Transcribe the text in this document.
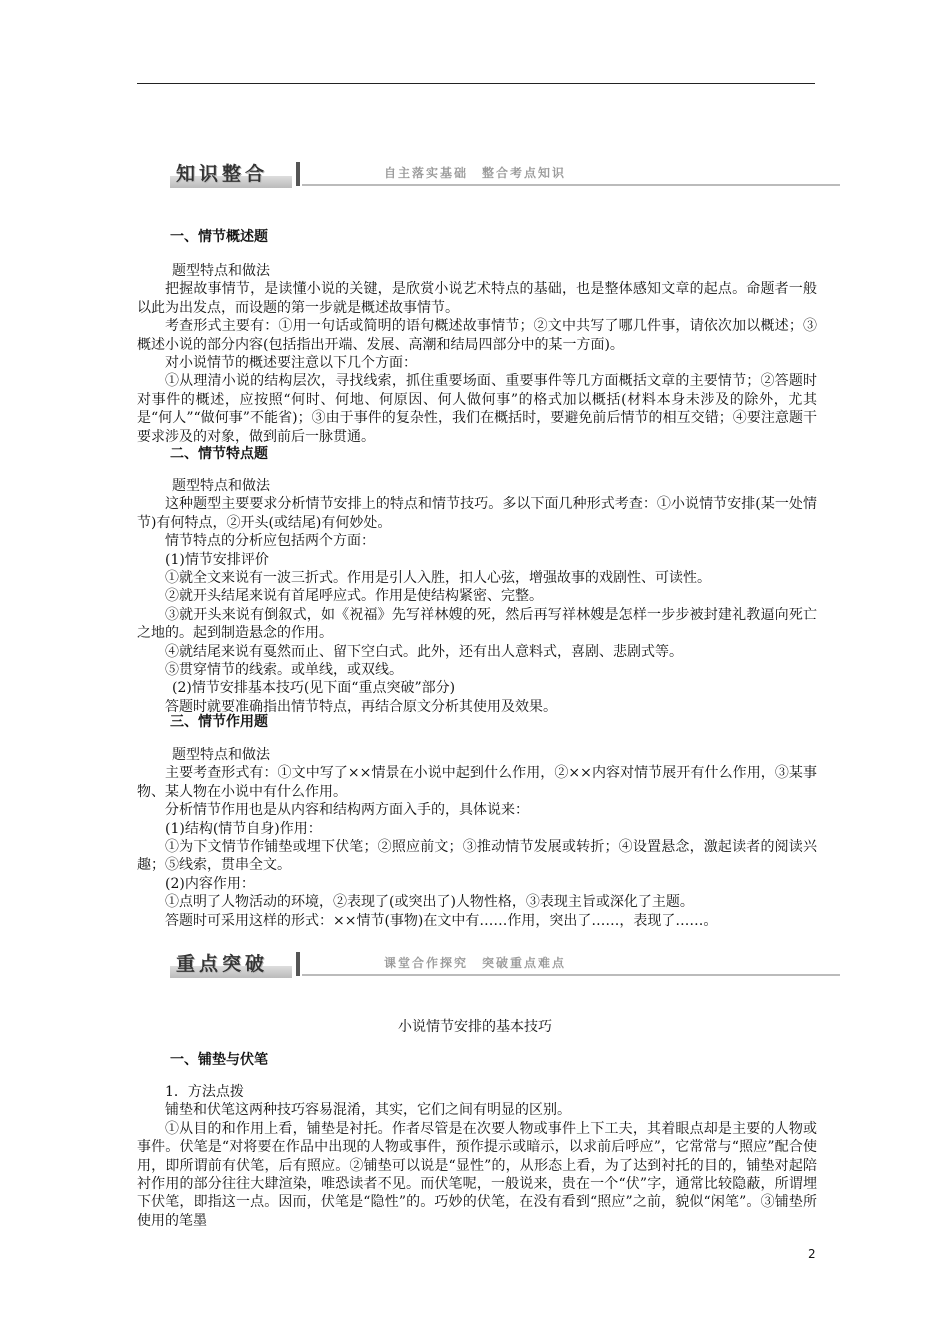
知识整合	自主落实基础　整合考点知识
一、情节概述题

题型特点和做法

把握故事情节，是读懂小说的关键，是欣赏小说艺术特点的基础，也是整体感知文章的起点。命题者一般以此为出发点，而设题的第一步就是概述故事情节。

考查形式主要有：①用一句话或简明的语句概述故事情节；②文中共写了哪几件事，请依次加以概述；③概述小说的部分内容(包括指出开端、发展、高潮和结局四部分中的某一方面)。

对小说情节的概述要注意以下几个方面：

①从理清小说的结构层次，寻找线索，抓住重要场面、重要事件等几方面概括文章的主要情节；②答题时对事件的概述，应按照“何时、何地、何原因、何人做何事”的格式加以概括(材料本身未涉及的除外，尤其是“何人”“做何事”不能省)；③由于事件的复杂性，我们在概括时，要避免前后情节的相互交错；④要注意题干要求涉及的对象，做到前后一脉贯通。

二、情节特点题

题型特点和做法

这种题型主要要求分析情节安排上的特点和情节技巧。多以下面几种形式考查：①小说情节安排(某一处情节)有何特点，②开头(或结尾)有何妙处。

情节特点的分析应包括两个方面：

(1)情节安排评价

①就全文来说有一波三折式。作用是引人入胜，扣人心弦，增强故事的戏剧性、可读性。

②就开头结尾来说有首尾呼应式。作用是使结构紧密、完整。

③就开头来说有倒叙式，如《祝福》先写祥林嫂的死，然后再写祥林嫂是怎样一步步被封建礼教逼向死亡之地的。起到制造悬念的作用。

④就结尾来说有戛然而止、留下空白式。此外，还有出人意料式，喜剧、悲剧式等。

⑤贯穿情节的线索。或单线，或双线。

(2)情节安排基本技巧(见下面“重点突破”部分)

答题时就要准确指出情节特点，再结合原文分析其使用及效果。

三、情节作用题

题型特点和做法

主要考查形式有：①文中写了××情景在小说中起到什么作用，②××内容对情节展开有什么作用，③某事物、某人物在小说中有什么作用。

分析情节作用也是从内容和结构两方面入手的，具体说来：

(1)结构(情节自身)作用：

①为下文情节作铺垫或埋下伏笔；②照应前文；③推动情节发展或转折；④设置悬念，激起读者的阅读兴趣；⑤线索，贯串全文。

(2)内容作用：

①点明了人物活动的环境，②表现了(或突出了)人物性格，③表现主旨或深化了主题。

答题时可采用这样的形式：××情节(事物)在文中有……作用，突出了……，表现了……。

重点突破	课堂合作探究　突破重点难点
小说情节安排的基本技巧
一、铺垫与伏笔

1．方法点拨

铺垫和伏笔这两种技巧容易混淆，其实，它们之间有明显的区别。

①从目的和作用上看，铺垫是衬托。作者尽管是在次要人物或事件上下工夫，其着眼点却是主要的人物或事件。伏笔是“对将要在作品中出现的人物或事件，预作提示或暗示，以求前后呼应”，它常常与“照应”配合使用，即所谓前有伏笔，后有照应。②铺垫可以说是“显性”的，从形态上看，为了达到衬托的目的，铺垫对起陪衬作用的部分往往大肆渲染，唯恐读者不见。而伏笔呢，一般说来，贵在一个“伏”字，通常比较隐蔽，所谓埋下伏笔，即指这一点。因而，伏笔是“隐性”的。巧妙的伏笔，在没有看到“照应”之前，貌似“闲笔”。③铺垫所使用的笔墨

2
